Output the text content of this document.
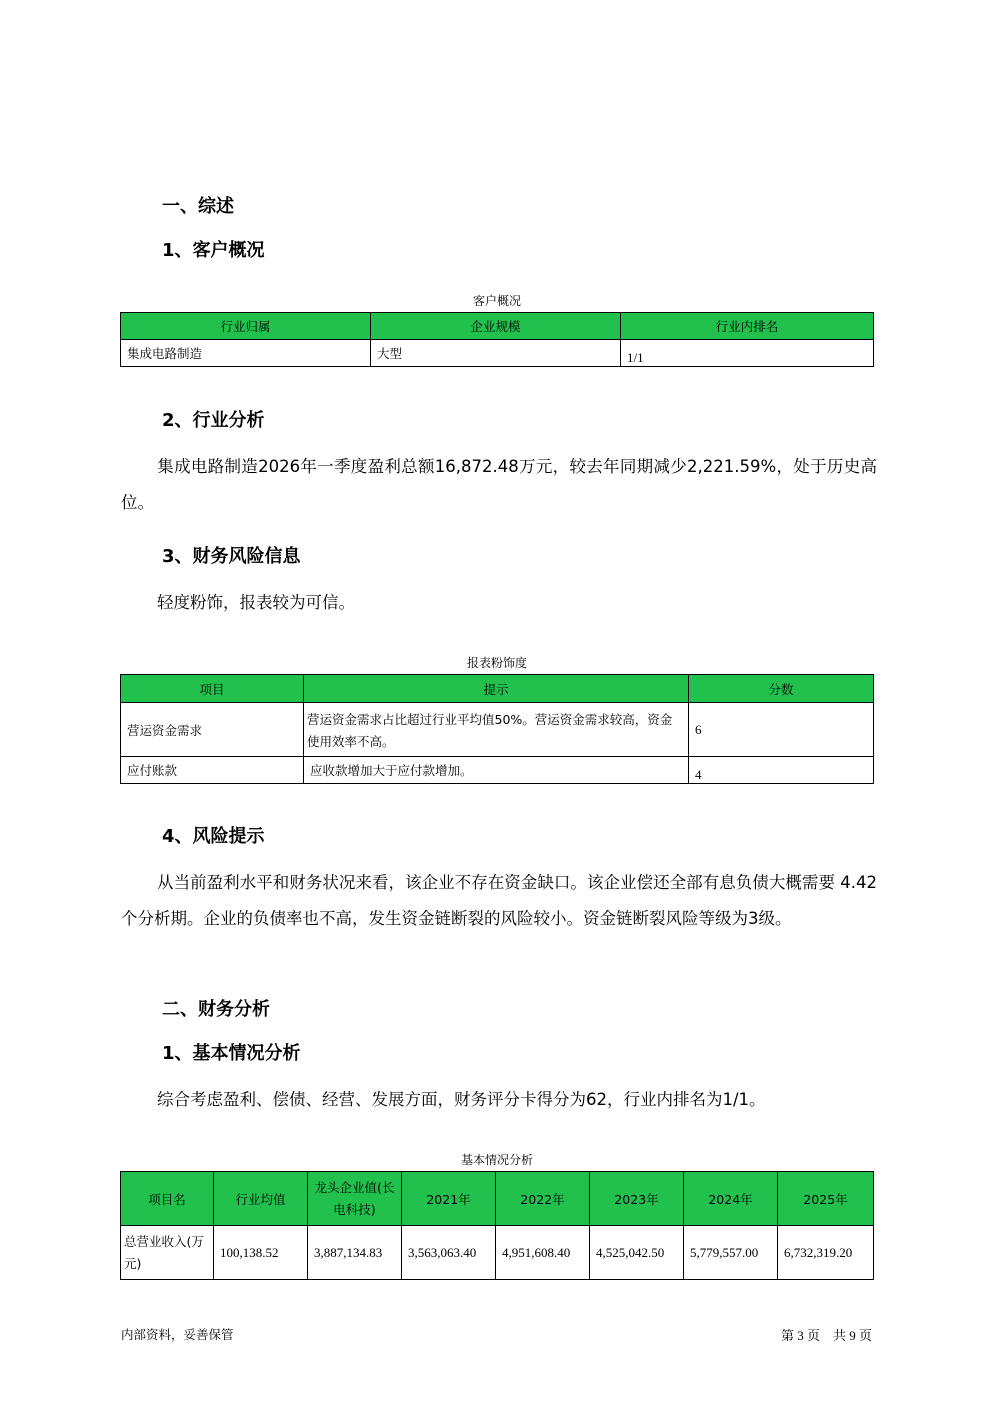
一、综述
1、客户概况
客户概况
行业归属	企业规模	行业内排名
集成电路制造	大型	1/1
2、行业分析
集成电路制造2026年一季度盈利总额16,872.48万元，较去年同期减少2,221.59%，处于历史高位。
3、财务风险信息
轻度粉饰，报表较为可信。
报表粉饰度
项目	提示	分数
营运资金需求	营运资金需求占比超过行业平均值50%。营运资金需求较高，资金使用效率不高。	6
应付账款	应收款增加大于应付款增加。	4
4、风险提示
从当前盈利水平和财务状况来看，该企业不存在资金缺口。该企业偿还全部有息负债大概需要 4.42个分析期。企业的负债率也不高，发生资金链断裂的风险较小。资金链断裂风险等级为3级。
二、财务分析
1、基本情况分析
综合考虑盈利、偿债、经营、发展方面，财务评分卡得分为62，行业内排名为1/1。
基本情况分析
项目名	行业均值	龙头企业值(长电科技)	2021年	2022年	2023年	2024年	2025年
总营业收入(万元)	100,138.52	3,887,134.83	3,563,063.40	4,951,608.40	4,525,042.50	5,779,557.00	6,732,319.20
内部资料，妥善保管	第 3 页    共 9 页
